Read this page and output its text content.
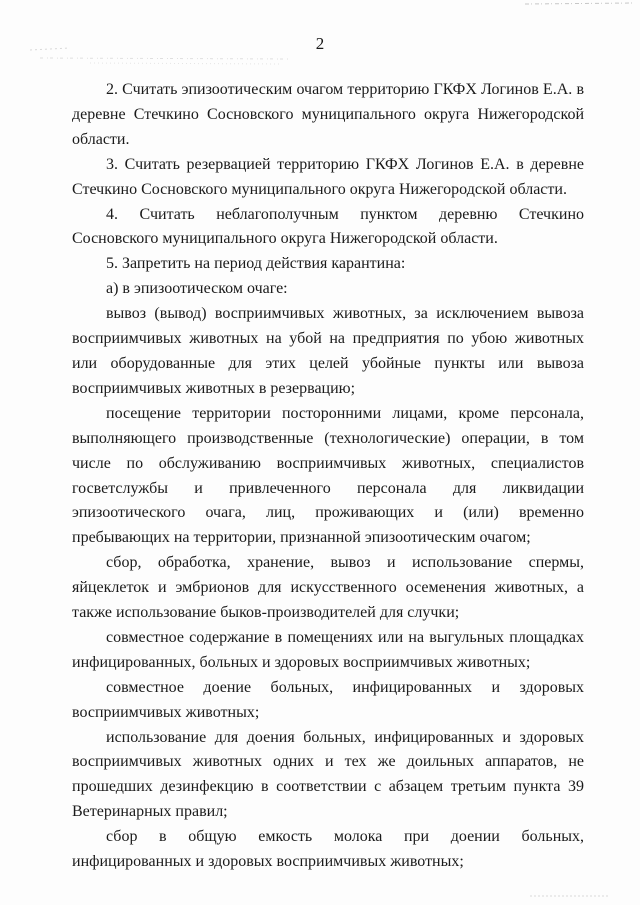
2

2. Считать эпизоотическим очагом территорию ГКФХ Логинов Е.А. в деревне Стечкино Сосновского муниципального округа Нижегородской области.

3. Считать резервацией территорию ГКФХ Логинов Е.А. в деревне Стечкино Сосновского муниципального округа Нижегородской области.

4. Считать неблагополучным пунктом деревню Стечкино Сосновского муниципального округа Нижегородской области.

5. Запретить на период действия карантина:

а) в эпизоотическом очаге:

вывоз (вывод) восприимчивых животных, за исключением вывоза восприимчивых животных на убой на предприятия по убою животных или оборудованные для этих целей убойные пункты или вывоза восприимчивых животных в резервацию;

посещение территории посторонними лицами, кроме персонала, выполняющего производственные (технологические) операции, в том числе по обслуживанию восприимчивых животных, специалистов госветслужбы и привлеченного персонала для ликвидации эпизоотического очага, лиц, проживающих и (или) временно пребывающих на территории, признанной эпизоотическим очагом;

сбор, обработка, хранение, вывоз и использование спермы, яйцеклеток и эмбрионов для искусственного осеменения животных, а также использование быков-производителей для случки;

совместное содержание в помещениях или на выгульных площадках инфицированных, больных и здоровых восприимчивых животных;

совместное доение больных, инфицированных и здоровых восприимчивых животных;

использование для доения больных, инфицированных и здоровых восприимчивых животных одних и тех же доильных аппаратов, не прошедших дезинфекцию в соответствии с абзацем третьим пункта 39 Ветеринарных правил;

сбор в общую емкость молока при доении больных, инфицированных и здоровых восприимчивых животных;
